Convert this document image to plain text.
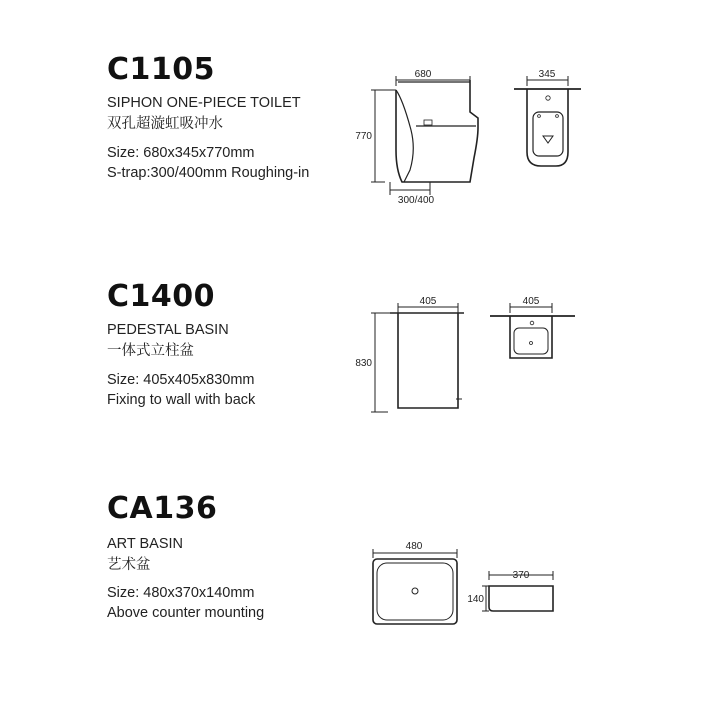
C1105
SIPHON ONE-PIECE TOILET
双孔超漩虹吸冲水
Size: 680x345x770mm
S-trap:300/400mm Roughing-in
680
770
300/400
345
C1400
PEDESTAL BASIN
一体式立柱盆
Size: 405x405x830mm
Fixing to wall with back
405
830
405
CA136
ART BASIN
艺术盆
Size: 480x370x140mm
Above counter mounting
480
370
140
